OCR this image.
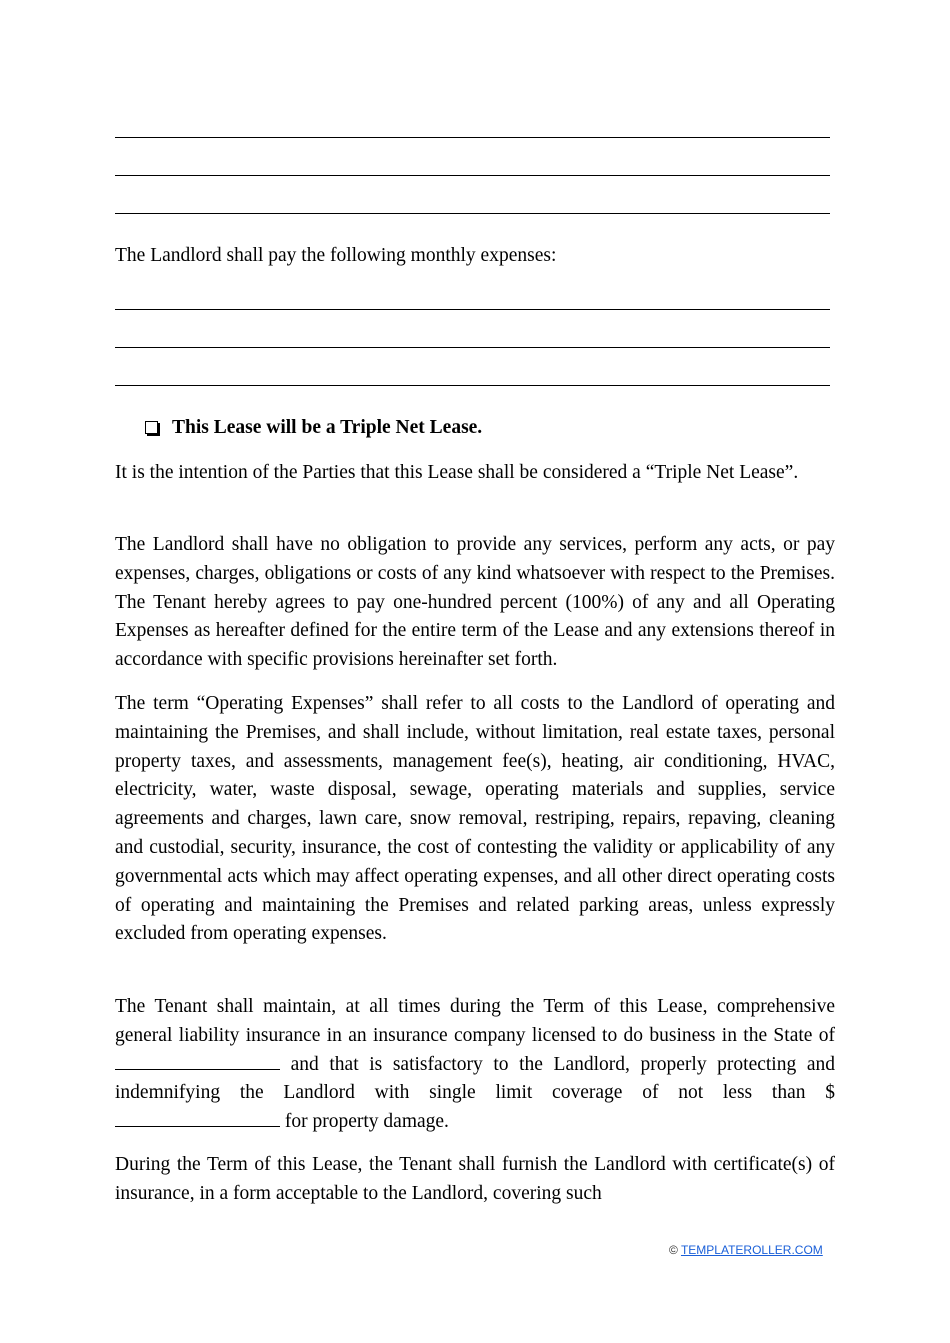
The Landlord shall pay the following monthly expenses:

This Lease will be a Triple Net Lease.

It is the intention of the Parties that this Lease shall be considered a “Triple Net Lease”.

The Landlord shall have no obligation to provide any services, perform any acts, or pay expenses, charges, obligations or costs of any kind whatsoever with respect to the Premises. The Tenant hereby agrees to pay one-hundred percent (100%) of any and all Operating Expenses as hereafter defined for the entire term of the Lease and any extensions thereof in accordance with specific provisions hereinafter set forth.

The term “Operating Expenses” shall refer to all costs to the Landlord of operating and maintaining the Premises, and shall include, without limitation, real estate taxes, personal property taxes, and assessments, management fee(s), heating, air conditioning, HVAC, electricity, water, waste disposal, sewage, operating materials and supplies, service agreements and charges, lawn care, snow removal, restriping, repairs, repaving, cleaning and custodial, security, insurance, the cost of contesting the validity or applicability of any governmental acts which may affect operating expenses, and all other direct operating costs of operating and maintaining the Premises and related parking areas, unless expressly excluded from operating expenses.

The Tenant shall maintain, at all times during the Term of this Lease, comprehensive general liability insurance in an insurance company licensed to do business in the State of  and that is satisfactory to the Landlord, properly protecting and indemnifying the Landlord with single limit coverage of not less than $ for property damage.

During the Term of this Lease, the Tenant shall furnish the Landlord with certificate(s) of insurance, in a form acceptable to the Landlord, covering such

© TEMPLATEROLLER.COM
